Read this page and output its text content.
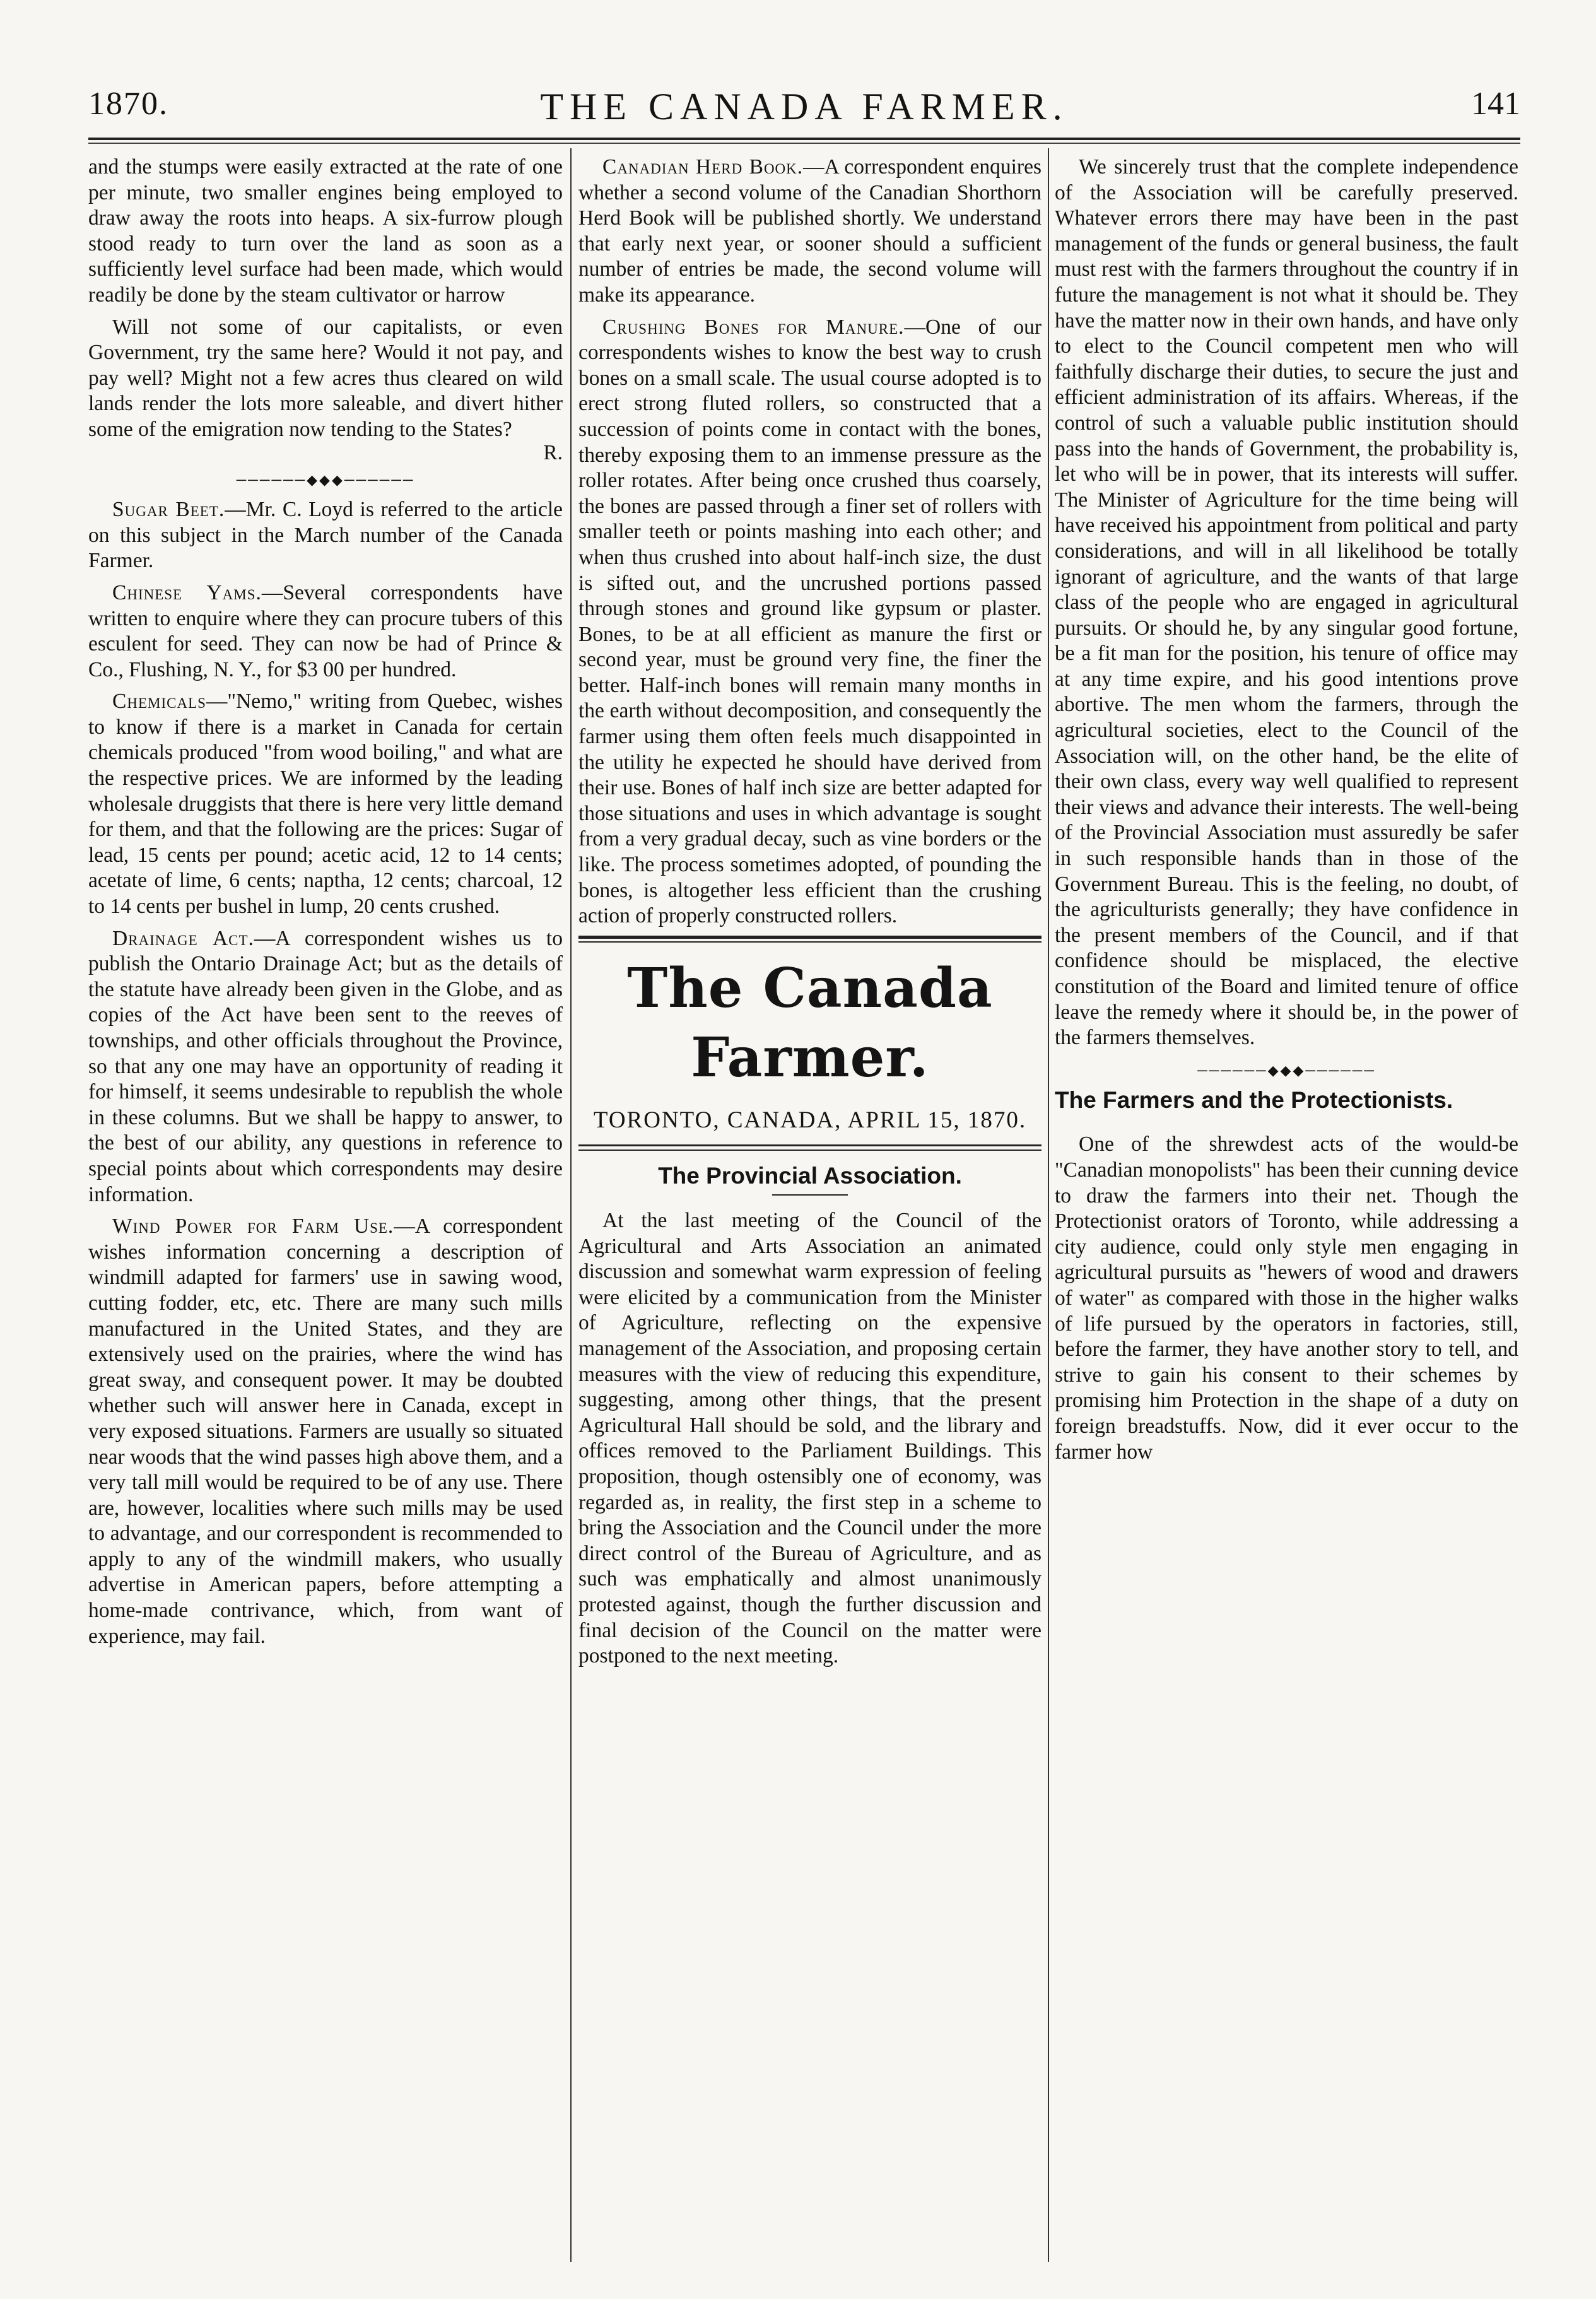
1870.	THE CANADA FARMER.	141

and the stumps were easily extracted at the rate of one per minute, two smaller engines being employed to draw away the roots into heaps. A six-furrow plough stood ready to turn over the land as soon as a sufficiently level surface had been made, which would readily be done by the steam cultivator or harrow

Will not some of our capitalists, or even Government, try the same here? Would it not pay, and pay well? Might not a few acres thus cleared on wild lands render the lots more saleable, and divert hither some of the emigration now tending to the States?

R.

──────◆◆◆──────

Sugar Beet.—Mr. C. Loyd is referred to the article on this subject in the March number of the Canada Farmer.

Chinese Yams.—Several correspondents have written to enquire where they can procure tubers of this esculent for seed. They can now be had of Prince & Co., Flushing, N. Y., for $3 00 per hundred.

Chemicals—"Nemo," writing from Quebec, wishes to know if there is a market in Canada for certain chemicals produced "from wood boiling," and what are the respective prices. We are informed by the leading wholesale druggists that there is here very little demand for them, and that the following are the prices: Sugar of lead, 15 cents per pound; acetic acid, 12 to 14 cents; acetate of lime, 6 cents; naptha, 12 cents; charcoal, 12 to 14 cents per bushel in lump, 20 cents crushed.

Drainage Act.—A correspondent wishes us to publish the Ontario Drainage Act; but as the details of the statute have already been given in the Globe, and as copies of the Act have been sent to the reeves of townships, and other officials throughout the Province, so that any one may have an opportunity of reading it for himself, it seems undesirable to republish the whole in these columns. But we shall be happy to answer, to the best of our ability, any questions in reference to special points about which correspondents may desire information.

Wind Power for Farm Use.—A correspondent wishes information concerning a description of windmill adapted for farmers' use in sawing wood, cutting fodder, etc, etc. There are many such mills manufactured in the United States, and they are extensively used on the prairies, where the wind has great sway, and consequent power. It may be doubted whether such will answer here in Canada, except in very exposed situations. Farmers are usually so situated near woods that the wind passes high above them, and a very tall mill would be required to be of any use. There are, however, localities where such mills may be used to advantage, and our correspondent is recommended to apply to any of the windmill makers, who usually advertise in American papers, before attempting a home-made contrivance, which, from want of experience, may fail.

Canadian Herd Book.—A correspondent enquires whether a second volume of the Canadian Shorthorn Herd Book will be published shortly. We understand that early next year, or sooner should a sufficient number of entries be made, the second volume will make its appearance.

Crushing Bones for Manure.—One of our correspondents wishes to know the best way to crush bones on a small scale. The usual course adopted is to erect strong fluted rollers, so constructed that a succession of points come in contact with the bones, thereby exposing them to an immense pressure as the roller rotates. After being once crushed thus coarsely, the bones are passed through a finer set of rollers with smaller teeth or points mashing into each other; and when thus crushed into about half-inch size, the dust is sifted out, and the uncrushed portions passed through stones and ground like gypsum or plaster. Bones, to be at all efficient as manure the first or second year, must be ground very fine, the finer the better. Half-inch bones will remain many months in the earth without decomposition, and consequently the farmer using them often feels much disappointed in the utility he expected he should have derived from their use. Bones of half inch size are better adapted for those situations and uses in which advantage is sought from a very gradual decay, such as vine borders or the like. The process sometimes adopted, of pounding the bones, is altogether less efficient than the crushing action of properly constructed rollers.

The Canada Farmer.
TORONTO, CANADA, APRIL 15, 1870.
The Provincial Association.

At the last meeting of the Council of the Agricultural and Arts Association an animated discussion and somewhat warm expression of feeling were elicited by a communication from the Minister of Agriculture, reflecting on the expensive management of the Association, and proposing certain measures with the view of reducing this expenditure, suggesting, among other things, that the present Agricultural Hall should be sold, and the library and offices removed to the Parliament Buildings. This proposition, though ostensibly one of economy, was regarded as, in reality, the first step in a scheme to bring the Association and the Council under the more direct control of the Bureau of Agriculture, and as such was emphatically and almost unanimously protested against, though the further discussion and final decision of the Council on the matter were postponed to the next meeting.

We sincerely trust that the complete independence of the Association will be carefully preserved. Whatever errors there may have been in the past management of the funds or general business, the fault must rest with the farmers throughout the country if in future the management is not what it should be. They have the matter now in their own hands, and have only to elect to the Council competent men who will faithfully discharge their duties, to secure the just and efficient administration of its affairs. Whereas, if the control of such a valuable public institution should pass into the hands of Government, the probability is, let who will be in power, that its interests will suffer. The Minister of Agriculture for the time being will have received his appointment from political and party considerations, and will in all likelihood be totally ignorant of agriculture, and the wants of that large class of the people who are engaged in agricultural pursuits. Or should he, by any singular good fortune, be a fit man for the position, his tenure of office may at any time expire, and his good intentions prove abortive. The men whom the farmers, through the agricultural societies, elect to the Council of the Association will, on the other hand, be the elite of their own class, every way well qualified to represent their views and advance their interests. The well-being of the Provincial Association must assuredly be safer in such responsible hands than in those of the Government Bureau. This is the feeling, no doubt, of the agriculturists generally; they have confidence in the present members of the Council, and if that confidence should be misplaced, the elective constitution of the Board and limited tenure of office leave the remedy where it should be, in the power of the farmers themselves.

──────◆◆◆──────
The Farmers and the Protectionists.

One of the shrewdest acts of the would-be "Canadian monopolists" has been their cunning device to draw the farmers into their net. Though the Protectionist orators of Toronto, while addressing a city audience, could only style men engaging in agricultural pursuits as "hewers of wood and drawers of water" as compared with those in the higher walks of life pursued by the operators in factories, still, before the farmer, they have another story to tell, and strive to gain his consent to their schemes by promising him Protection in the shape of a duty on foreign breadstuffs. Now, did it ever occur to the farmer how
